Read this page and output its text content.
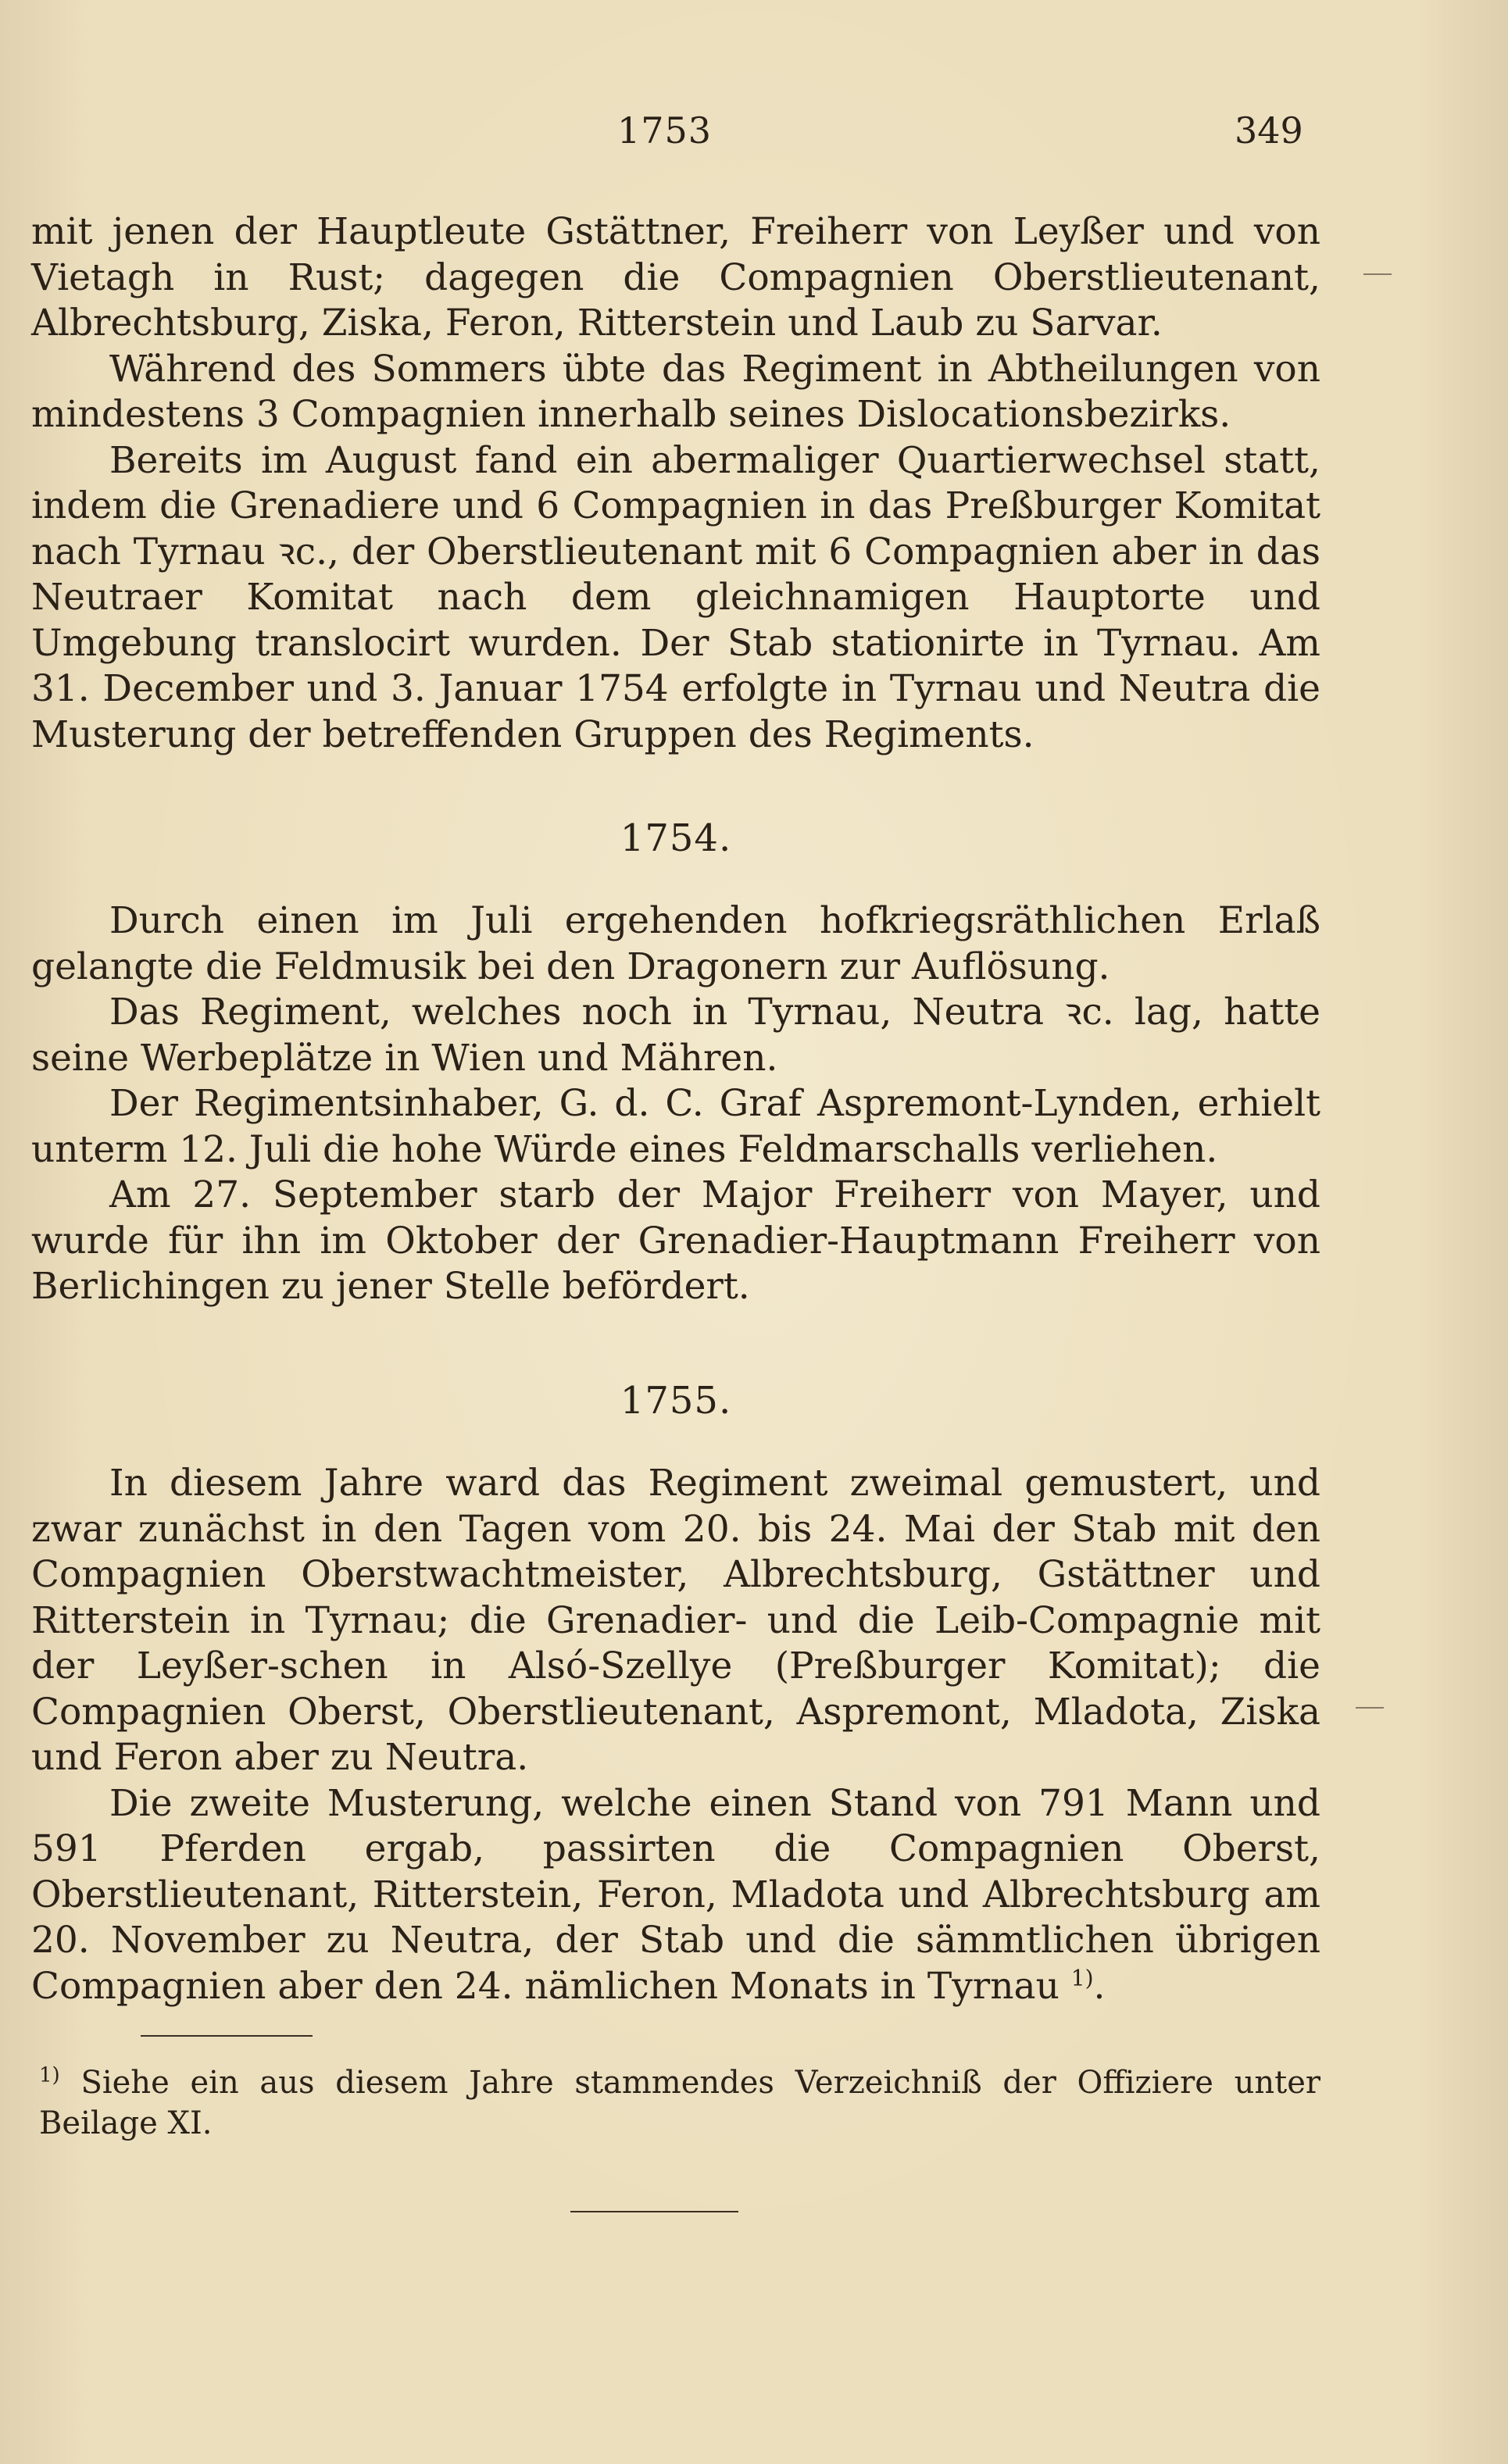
1753	349

mit jenen der Hauptleute Gstättner, Freiherr von Leyßer und von Vietagh in Rust; dagegen die Compagnien Oberstlieutenant, Albrechtsburg, Ziska, Feron, Ritterstein und Laub zu Sarvar.

Während des Sommers übte das Regiment in Abtheilungen von mindestens 3 Compagnien innerhalb seines Dislocationsbezirks.

Bereits im August fand ein abermaliger Quartierwechsel statt, indem die Grenadiere und 6 Compagnien in das Preßburger Komitat nach Tyrnau ꝛc., der Oberstlieutenant mit 6 Compagnien aber in das Neutraer Komitat nach dem gleichnamigen Hauptorte und Umgebung translocirt wurden. Der Stab stationirte in Tyrnau. Am 31. December und 3. Januar 1754 erfolgte in Tyrnau und Neutra die Musterung der betreffenden Gruppen des Regiments.

1754.

Durch einen im Juli ergehenden hofkriegsräthlichen Erlaß gelangte die Feldmusik bei den Dragonern zur Auflösung.

Das Regiment, welches noch in Tyrnau, Neutra ꝛc. lag, hatte seine Werbeplätze in Wien und Mähren.

Der Regimentsinhaber, G. d. C. Graf Aspremont-Lynden, erhielt unterm 12. Juli die hohe Würde eines Feldmarschalls verliehen.

Am 27. September starb der Major Freiherr von Mayer, und wurde für ihn im Oktober der Grenadier-Hauptmann Freiherr von Berlichingen zu jener Stelle befördert.

1755.

In diesem Jahre ward das Regiment zweimal gemustert, und zwar zunächst in den Tagen vom 20. bis 24. Mai der Stab mit den Compagnien Oberstwachtmeister, Albrechtsburg, Gstättner und Ritterstein in Tyrnau; die Grenadier- und die Leib-Compagnie mit der Leyßer-schen in Alsó-Szellye (Preßburger Komitat); die Compagnien Oberst, Oberstlieutenant, Aspremont, Mladota, Ziska und Feron aber zu Neutra.

Die zweite Musterung, welche einen Stand von 791 Mann und 591 Pferden ergab, passirten die Compagnien Oberst, Oberstlieutenant, Ritterstein, Feron, Mladota und Albrechtsburg am 20. November zu Neutra, der Stab und die sämmtlichen übrigen Compagnien aber den 24. nämlichen Monats in Tyrnau $^{1)}$.

$^{1)}$ Siehe ein aus diesem Jahre stammendes Verzeichniß der Offiziere unter Beilage XI.
